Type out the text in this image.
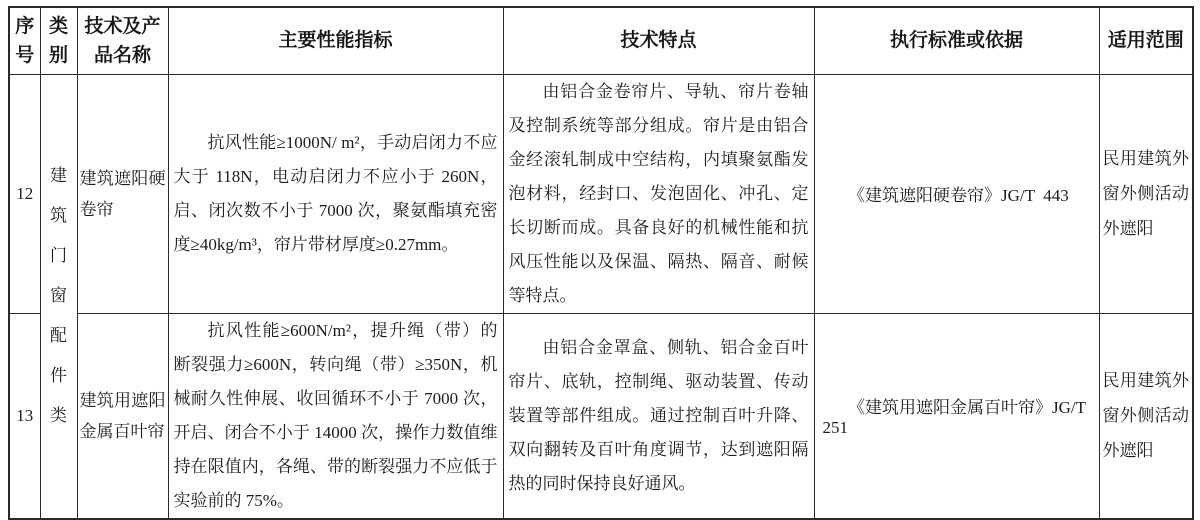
序号	类别	技术及产品名称	主要性能指标	技术特点	执行标准或依据	适用范围
12	建筑门窗配件类	建筑遮阳硬卷帘	抗风性能≥1000N/ m²，手动启闭力不应大于 118N，电动启闭力不应小于 260N，启、闭次数不小于 7000 次，聚氨酯填充密度≥40kg/m³，帘片带材厚度≥0.27mm。	由铝合金卷帘片、导轨、帘片卷轴及控制系统等部分组成。帘片是由铝合金经滚轧制成中空结构，内填聚氨酯发泡材料，经封口、发泡固化、冲孔、定长切断而成。具备良好的机械性能和抗风压性能以及保温、隔热、隔音、耐候等特点。	《建筑遮阳硬卷帘》JG/T  443	民用建筑外窗外侧活动外遮阳

13		建筑用遮阳金属百叶帘	抗风性能≥600N/m²，提升绳（带）的断裂强力≥600N，转向绳（带）≥350N，机械耐久性伸展、收回循环不小于 7000 次，开启、闭合不小于 14000 次，操作力数值维持在限值内，各绳、带的断裂强力不应低于实验前的 75%。	由铝合金罩盒、侧轨、铝合金百叶帘片、底轨，控制绳、驱动装置、传动装置等部件组成。通过控制百叶升降、双向翻转及百叶角度调节，达到遮阳隔热的同时保持良好通风。	《建筑用遮阳金属百叶帘》JG/T 251	民用建筑外窗外侧活动外遮阳
